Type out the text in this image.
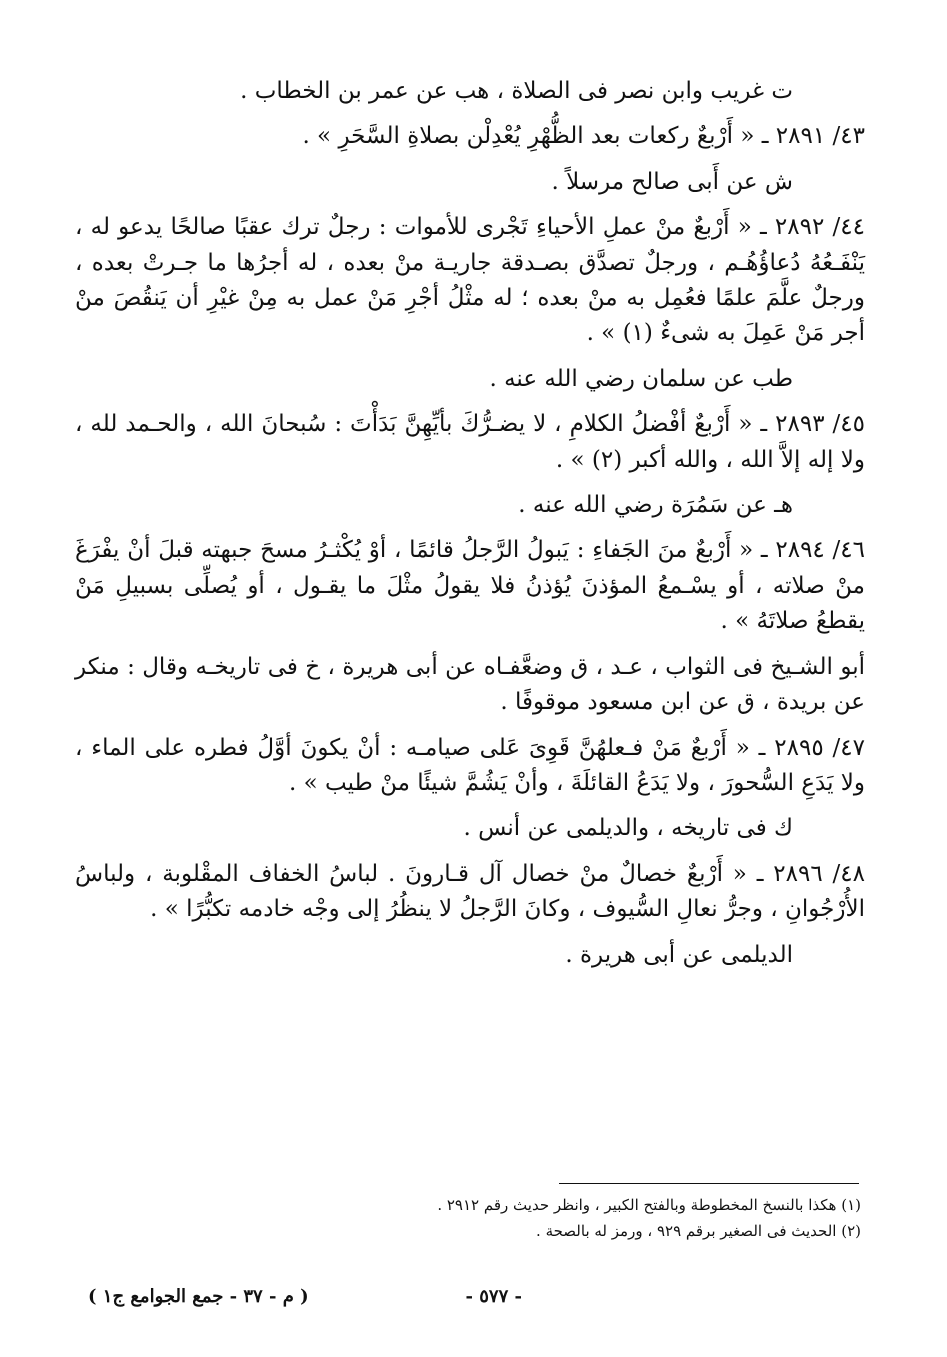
ت غريب وابن نصر فى الصلاة ، هب عن عمر بن الخطاب .

٤٣/ ٢٨٩١ ـ « أَرْبعٌ ركعات بعد الظُّهْرِ يُعْدِلْن بصلاةِ السَّحَرِ » .

ش عن أَبى صالح مرسلاً .

٤٤/ ٢٨٩٢ ـ « أَرْبعٌ منْ عملِ الأحياءِ تَجْرى للأموات : رجلٌ ترك عقبًا صالحًا يدعو له ، يَنْفَـعُهُ دُعاؤُهُـم ، ورجلٌ تصدَّق بصـدقة جاريـة منْ بعده ، له أجرُها ما جـرتْ بعده ، ورجلٌ علَّمَ علمًا فعُمِل به منْ بعده ؛ له مثْلُ أجْرِ مَنْ عمل به مِنْ غيْرِ أن يَنقُصَ منْ أجر مَنْ عَمِلَ به شىءٌ (١) » .

طب عن سلمان رضي الله عنه .

٤٥/ ٢٨٩٣ ـ « أَرْبعٌ أفْضلُ الكلامِ ، لا يضـرُّكَ بأيِّهِنَّ بَدَأْتَ : سُبحانَ الله ، والحـمد لله ، ولا إله إلاَّ الله ، والله أكبر (٢) » .

هـ عن سَمُرَة رضي الله عنه .

٤٦/ ٢٨٩٤ ـ « أَرْبعٌ منَ الجَفاءِ : يَبولُ الرَّجلُ قائمًا ، أوْ يُكْثـرُ مسحَ جبهته قبلَ أنْ يفْرَغَ منْ صلاته ، أو يسْـمعُ المؤذنَ يُؤذنُ فلا يقولُ مثْلَ ما يقـول ، أو يُصلِّى بسبيلِ مَنْ يقطعُ صلاتَهُ » .

أبو الشـيخ فى الثواب ، عـد ، ق وضعَّفـاه عن أبى هريرة ، خ فى تاريخـه وقال : منكر عن بريدة ، ق عن ابن مسعود موقوفًا .

٤٧/ ٢٨٩٥ ـ « أَرْبعٌ مَنْ فـعلهُنَّ قَوِىَ عَلى صيامـه : أنْ يكونَ أوَّلُ فطره على الماء ، ولا يَدَعِ السُّحورَ ، ولا يَدَعُ القائلَةَ ، وأنْ يَشُمَّ شيئًا منْ طيب » .

ك فى تاريخه ، والديلمى عن أنس .

٤٨/ ٢٨٩٦ ـ « أَرْبعٌ خصالٌ منْ خصال آل قـارونَ . لباسُ الخفاف المقْلوبة ، ولباسُ الأُرْجُوانِ ، وجرُّ نعالِ السُّيوف ، وكانَ الرَّجلُ لا ينظُرُ إلى وجْه خادمه تكبُّرًا » .

الديلمى عن أبى هريرة .

(١) هكذا بالنسخ المخطوطة وبالفتح الكبير ، وانظر حديث رقم ٢٩١٢ .

(٢) الحديث فى الصغير برقم ٩٢٩ ، ورمز له بالصحة .

- ٥٧٧ -
( م - ٣٧ - جمع الجوامع ج١ )
